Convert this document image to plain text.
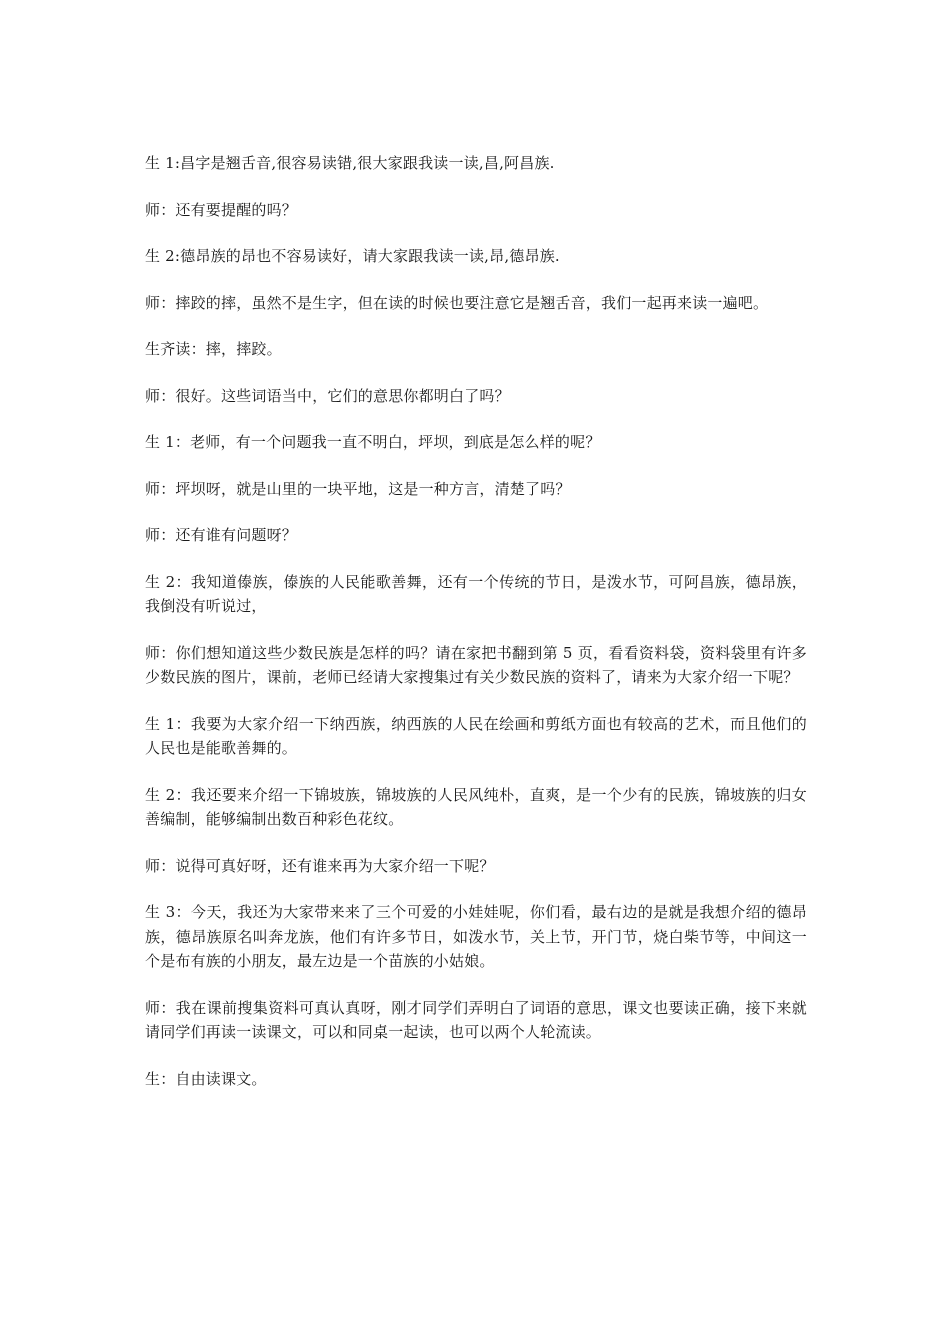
生 1:昌字是翘舌音,很容易读错,很大家跟我读一读,昌,阿昌族.

师：还有要提醒的吗？

生 2:德昂族的昂也不容易读好，请大家跟我读一读,昂,德昂族.

师：摔跤的摔，虽然不是生字，但在读的时候也要注意它是翘舌音，我们一起再来读一遍吧。

生齐读：摔，摔跤。

师：很好。这些词语当中，它们的意思你都明白了吗？

生 1：老师，有一个问题我一直不明白，坪坝，到底是怎么样的呢？

师：坪坝呀，就是山里的一块平地，这是一种方言，清楚了吗？

师：还有谁有问题呀？

生 2：我知道傣族，傣族的人民能歌善舞，还有一个传统的节日，是泼水节，可阿昌族，德昂族，  我倒没有听说过，

师：你们想知道这些少数民族是怎样的吗？请在家把书翻到第 5 页，看看资料袋，资料袋里有许多少数民族的图片，课前，老师已经请大家搜集过有关少数民族的资料了，请来为大家介绍一下呢？

生 1：我要为大家介绍一下纳西族，纳西族的人民在绘画和剪纸方面也有较高的艺术，而且他们的人民也是能歌善舞的。

生 2：我还要来介绍一下锦坡族，锦坡族的人民风纯朴，直爽，是一个少有的民族，锦坡族的归女善编制，能够编制出数百种彩色花纹。

师：说得可真好呀，还有谁来再为大家介绍一下呢？

生 3：今天，我还为大家带来来了三个可爱的小娃娃呢，你们看，最右边的是就是我想介绍的德昂族，德昂族原名叫奔龙族，他们有许多节日，如泼水节，关上节，开门节，烧白柴节等，中间这一个是布有族的小朋友，最左边是一个苗族的小姑娘。

师：我在课前搜集资料可真认真呀，刚才同学们弄明白了词语的意思，课文也要读正确，接下来就请同学们再读一读课文，可以和同桌一起读，也可以两个人轮流读。

生：自由读课文。
